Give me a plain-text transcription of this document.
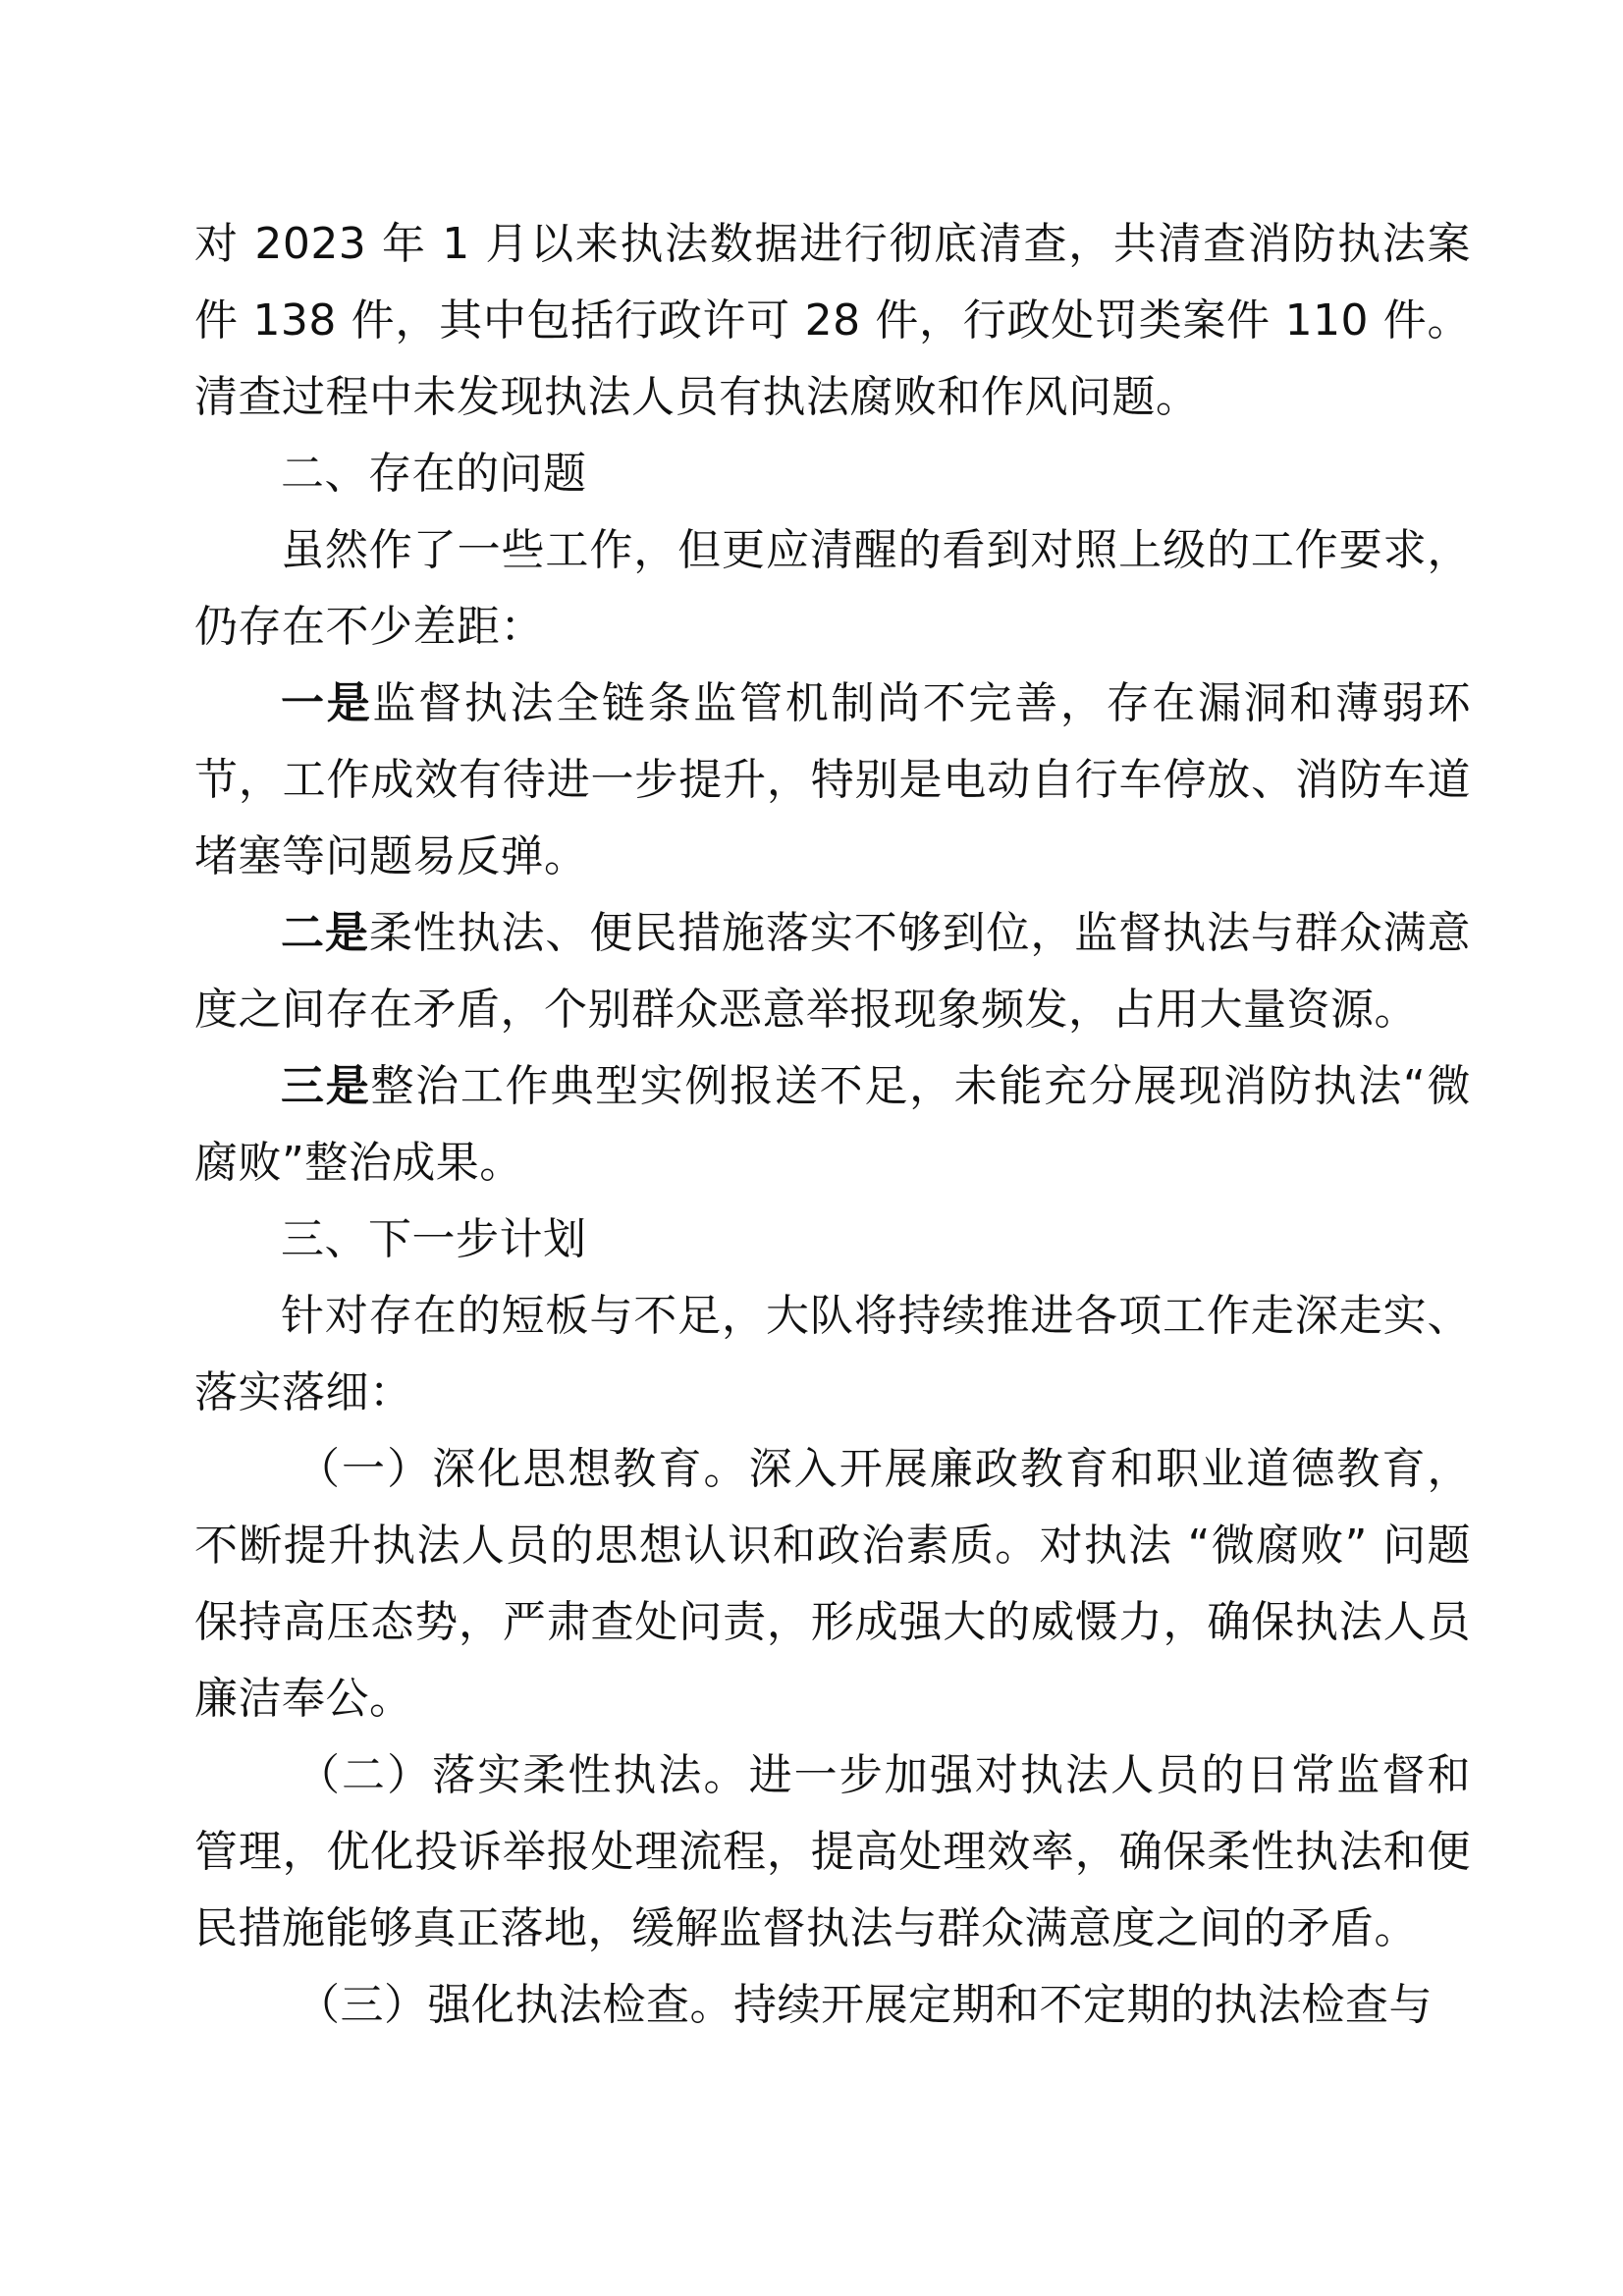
对 2023 年 1 月以来执法数据进行彻底清查，共清查消防执法案件 138 件，其中包括行政许可 28 件，行政处罚类案件 110 件。清查过程中未发现执法人员有执法腐败和作风问题。

二、存在的问题

虽然作了一些工作，但更应清醒的看到对照上级的工作要求，仍存在不少差距：

一是监督执法全链条监管机制尚不完善，存在漏洞和薄弱环节，工作成效有待进一步提升，特别是电动自行车停放、消防车道堵塞等问题易反弹。

二是柔性执法、便民措施落实不够到位，监督执法与群众满意度之间存在矛盾，个别群众恶意举报现象频发，占用大量资源。

三是整治工作典型实例报送不足，未能充分展现消防执法“微腐败”整治成果。

三、下一步计划

针对存在的短板与不足，大队将持续推进各项工作走深走实、落实落细：

（一）深化思想教育。深入开展廉政教育和职业道德教育，不断提升执法人员的思想认识和政治素质。对执法 “微腐败” 问题保持高压态势，严肃查处问责，形成强大的威慑力，确保执法人员廉洁奉公。

（二）落实柔性执法。进一步加强对执法人员的日常监督和管理，优化投诉举报处理流程，提高处理效率，确保柔性执法和便民措施能够真正落地，缓解监督执法与群众满意度之间的矛盾。

（三）强化执法检查。持续开展定期和不定期的执法检查与
